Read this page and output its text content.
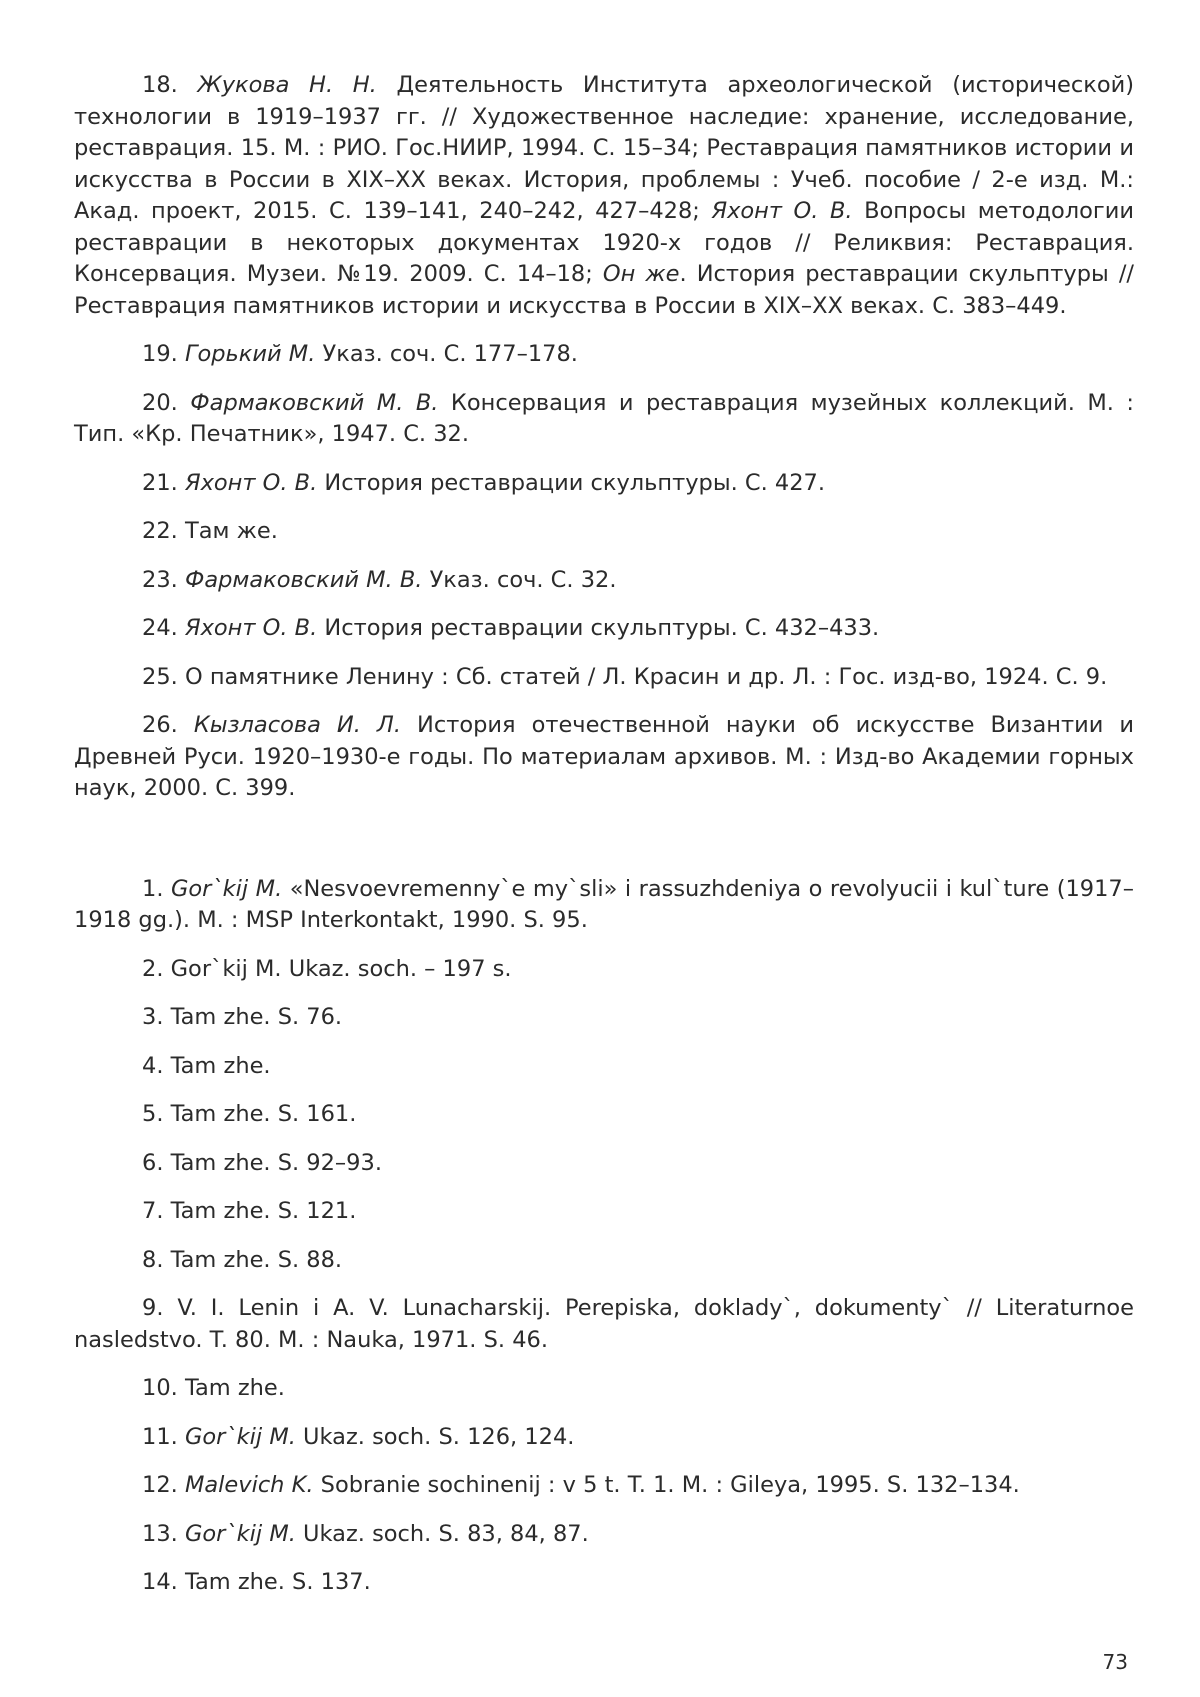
18. Жукова Н. Н. Деятельность Института археологической (исторической) технологии в 1919–1937 гг. // Художественное наследие: хранение, исследование, реставрация. 15. М. : РИО. Гос.НИИР, 1994. С. 15–34; Реставрация памятников истории и искусства в России в XIX–XX веках. История, проблемы : Учеб. пособие / 2-е изд. М.: Акад. проект, 2015. С. 139–141, 240–242, 427–428; Яхонт О. В. Вопросы методологии реставрации в некоторых документах 1920-х годов // Реликвия: Реставрация. Консервация. Музеи. №19. 2009. С. 14–18; Он же. История реставрации скульптуры // Реставрация памятников истории и искусства в России в XIX–XX веках. С. 383–449.

19. Горький М. Указ. соч. С. 177–178.

20. Фармаковский М. В. Консервация и реставрация музейных коллекций. М. : Тип. «Кр. Печатник», 1947. С. 32.

21. Яхонт О. В. История реставрации скульптуры. С. 427.

22. Там же.

23. Фармаковский М. В. Указ. соч. С. 32.

24. Яхонт О. В. История реставрации скульптуры. С. 432–433.

25. О памятнике Ленину : Сб. статей / Л. Красин и др. Л. : Гос. изд-во, 1924. С. 9.

26. Кызласова И. Л. История отечественной науки об искусстве Византии и Древней Руси. 1920–1930-е годы. По материалам архивов. М. : Изд-во Академии горных наук, 2000. С. 399.

1. Gor`kij M. «Nesvoevremenny`e my`sli» i rassuzhdeniya o revolyucii i kul`ture (1917–1918 gg.). M. : MSP Interkontakt, 1990. S. 95.

2. Gor`kij M. Ukaz. soch. – 197 s.

3. Tam zhe. S. 76.

4. Tam zhe.

5. Tam zhe. S. 161.

6. Tam zhe. S. 92–93.

7. Tam zhe. S. 121.

8. Tam zhe. S. 88.

9. V. I. Lenin i A. V. Lunacharskij. Perepiska, doklady`, dokumenty` // Literaturnoe nasledstvo. T. 80. M. : Nauka, 1971. S. 46.

10. Tam zhe.

11. Gor`kij M. Ukaz. soch. S. 126, 124.

12. Malevich K. Sobranie sochinenij : v 5 t. T. 1. M. : Gileya, 1995. S. 132–134.

13. Gor`kij M. Ukaz. soch. S. 83, 84, 87.

14. Tam zhe. S. 137.

73
